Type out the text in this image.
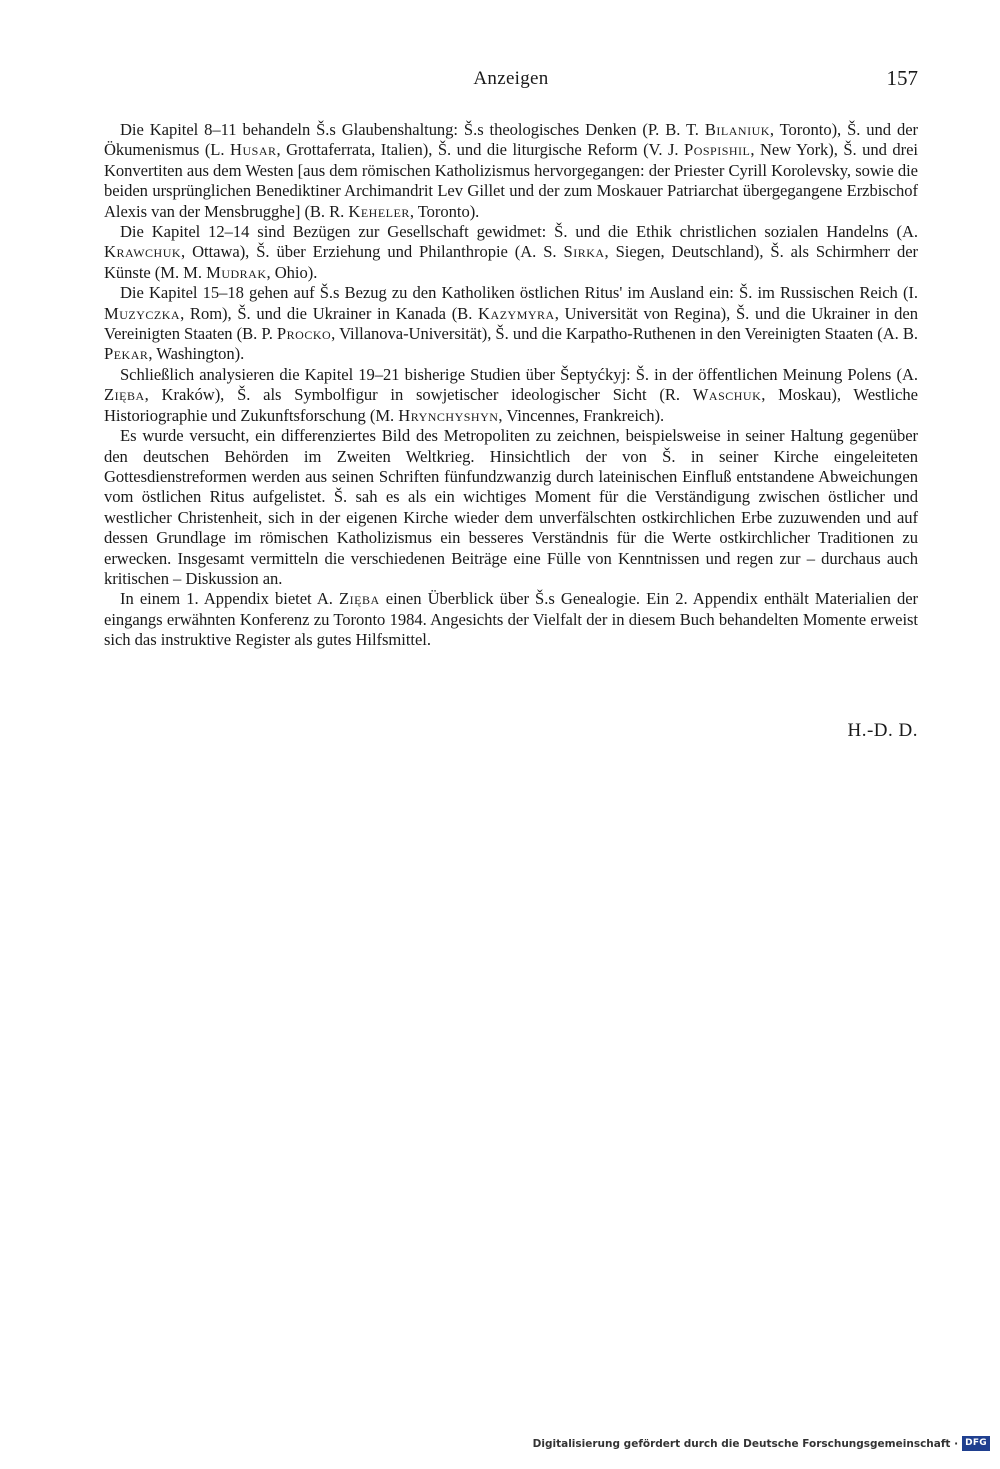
Anzeigen	157

Die Kapitel 8–11 behandeln Š.s Glaubenshaltung: Š.s theologisches Denken (P. B. T. Bilaniuk, Toronto), Š. und der Ökumenismus (L. Husar, Grottaferrata, Italien), Š. und die liturgische Reform (V. J. Pospishil, New York), Š. und drei Konvertiten aus dem Westen [aus dem römischen Katholizismus hervorgegangen: der Priester Cyrill Korolevsky, sowie die beiden ursprünglichen Benediktiner Archimandrit Lev Gillet und der zum Moskauer Patriarchat übergegangene Erzbischof Alexis van der Mensbrugghe] (B. R. Keheler, Toronto).

Die Kapitel 12–14 sind Bezügen zur Gesellschaft gewidmet: Š. und die Ethik christlichen sozialen Handelns (A. Krawchuk, Ottawa), Š. über Erziehung und Philanthropie (A. S. Sirka, Siegen, Deutschland), Š. als Schirmherr der Künste (M. M. Mudrak, Ohio).

Die Kapitel 15–18 gehen auf Š.s Bezug zu den Katholiken östlichen Ritus' im Ausland ein: Š. im Russischen Reich (I. Muzyczka, Rom), Š. und die Ukrainer in Kanada (B. Kazymyra, Universität von Regina), Š. und die Ukrainer in den Vereinigten Staaten (B. P. Procko, Villanova-Universität), Š. und die Karpatho-Ruthenen in den Vereinigten Staaten (A. B. Pekar, Washington).

Schließlich analysieren die Kapitel 19–21 bisherige Studien über Šeptyćkyj: Š. in der öffentlichen Meinung Polens (A. Zięba, Kraków), Š. als Symbolfigur in sowjetischer ideologischer Sicht (R. Waschuk, Moskau), Westliche Historiographie und Zukunftsforschung (M. Hrynchyshyn, Vincennes, Frankreich).

Es wurde versucht, ein differenziertes Bild des Metropoliten zu zeichnen, beispielsweise in seiner Haltung gegenüber den deutschen Behörden im Zweiten Weltkrieg. Hinsichtlich der von Š. in seiner Kirche eingeleiteten Gottesdienstreformen werden aus seinen Schriften fünfundzwanzig durch lateinischen Einfluß entstandene Abweichungen vom östlichen Ritus aufgelistet. Š. sah es als ein wichtiges Moment für die Verständigung zwischen östlicher und westlicher Christenheit, sich in der eigenen Kirche wieder dem unverfälschten ostkirchlichen Erbe zuzuwenden und auf dessen Grundlage im römischen Katholizismus ein besseres Verständnis für die Werte ostkirchlicher Traditionen zu erwecken. Insgesamt vermitteln die verschiedenen Beiträge eine Fülle von Kenntnissen und regen zur – durchaus auch kritischen – Diskussion an.

In einem 1. Appendix bietet A. Zięba einen Überblick über Š.s Genealogie. Ein 2. Appendix enthält Materialien der eingangs erwähnten Konferenz zu Toronto 1984. Angesichts der Vielfalt der in diesem Buch behandelten Momente erweist sich das instruktive Register als gutes Hilfsmittel.

H.-D. D.
Digitalisierung gefördert durch die Deutsche Forschungsgemeinschaft · DFG
